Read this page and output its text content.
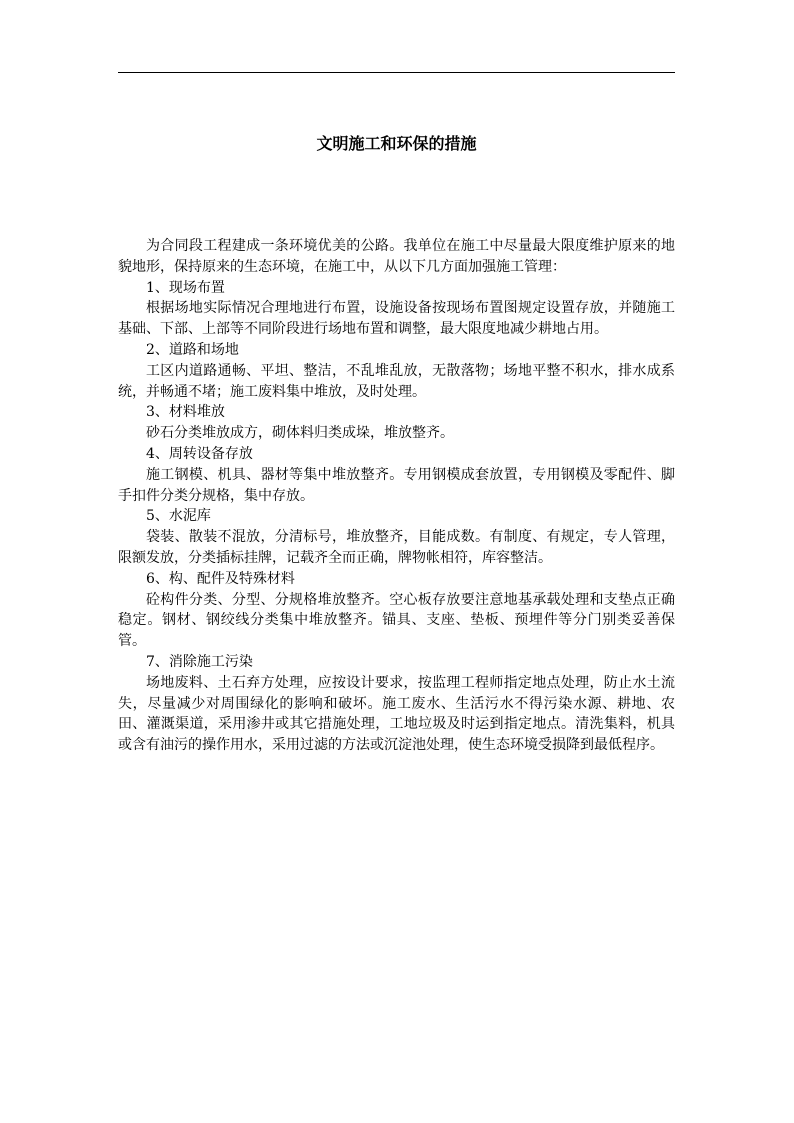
文明施工和环保的措施

为合同段工程建成一条环境优美的公路。我单位在施工中尽量最大限度维护原来的地貌地形，保持原来的生态环境，在施工中，从以下几方面加强施工管理：

1、现场布置

根据场地实际情况合理地进行布置，设施设备按现场布置图规定设置存放，并随施工基础、下部、上部等不同阶段进行场地布置和调整，最大限度地减少耕地占用。

2、道路和场地

工区内道路通畅、平坦、整洁，不乱堆乱放，无散落物；场地平整不积水，排水成系统，并畅通不堵；施工废料集中堆放，及时处理。

3、材料堆放

砂石分类堆放成方，砌体料归类成垛，堆放整齐。

4、周转设备存放

施工钢模、机具、器材等集中堆放整齐。专用钢模成套放置，专用钢模及零配件、脚手扣件分类分规格，集中存放。

5、水泥库

袋装、散装不混放，分清标号，堆放整齐，目能成数。有制度、有规定，专人管理，限额发放，分类插标挂牌，记载齐全而正确，牌物帐相符，库容整洁。

6、构、配件及特殊材料

砼构件分类、分型、分规格堆放整齐。空心板存放要注意地基承载处理和支垫点正确稳定。钢材、钢绞线分类集中堆放整齐。锚具、支座、垫板、预埋件等分门别类妥善保管。

7、消除施工污染

场地废料、土石弃方处理，应按设计要求，按监理工程师指定地点处理，防止水土流失，尽量减少对周围绿化的影响和破坏。施工废水、生活污水不得污染水源、耕地、农田、灌溉渠道，采用渗井或其它措施处理，工地垃圾及时运到指定地点。清洗集料，机具或含有油污的操作用水，采用过滤的方法或沉淀池处理，使生态环境受损降到最低程序。
